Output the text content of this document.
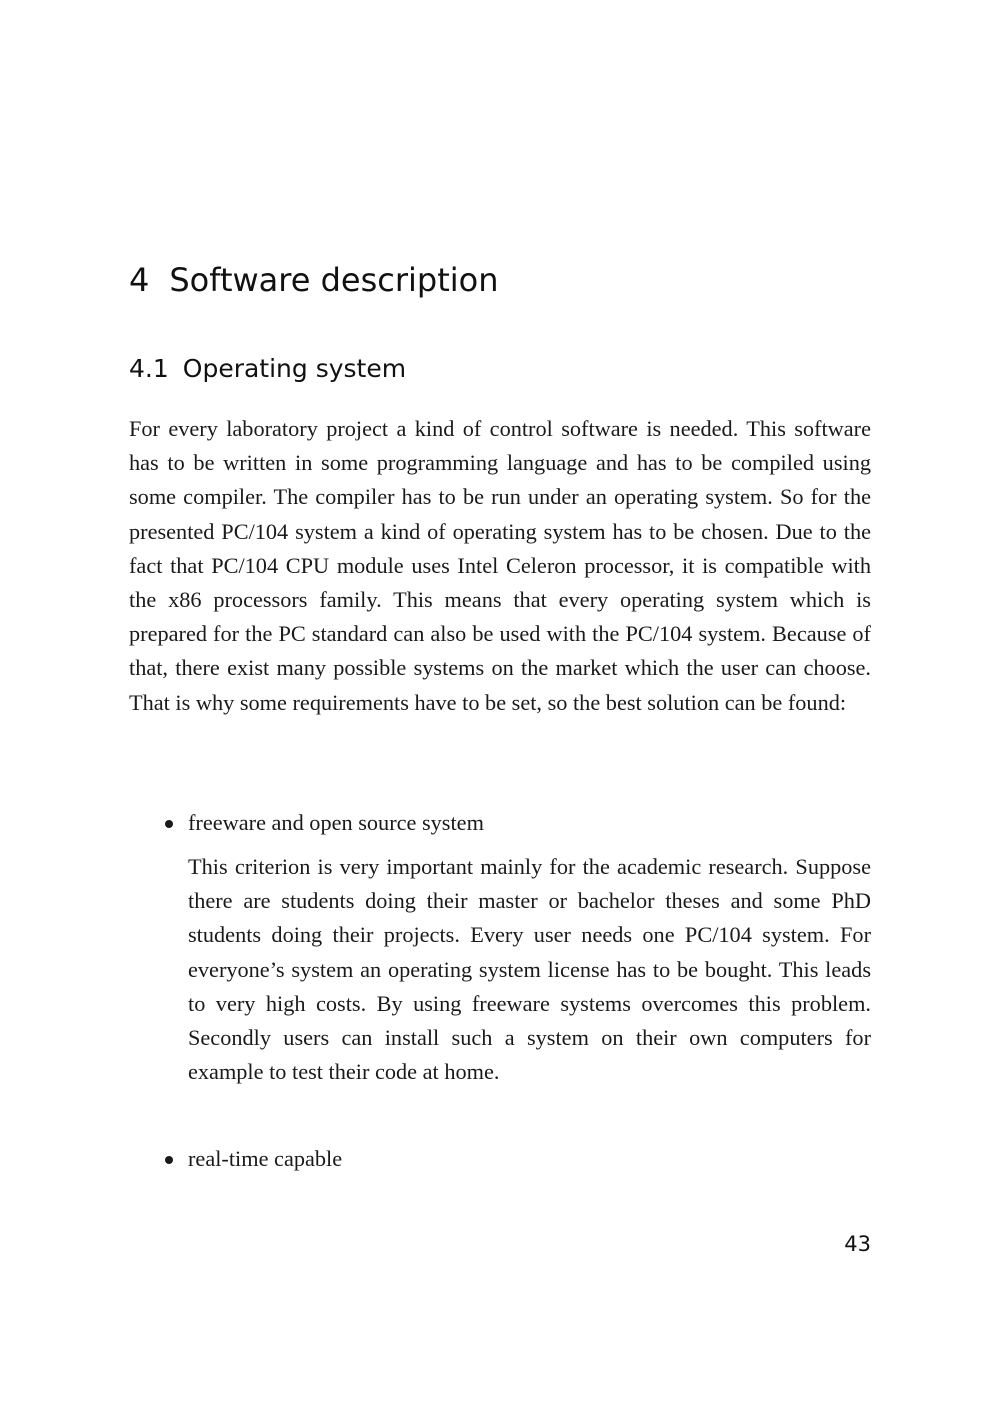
4 Software description
4.1 Operating system

For every laboratory project a kind of control software is needed. This software has to be written in some programming language and has to be compiled using some compiler. The compiler has to be run under an operating system. So for the presented PC/104 system a kind of operating system has to be chosen. Due to the fact that PC/104 CPU module uses Intel Celeron processor, it is compatible with the x86 processors family. This means that every operating system which is prepared for the PC standard can also be used with the PC/104 system. Because of that, there exist many possible systems on the market which the user can choose. That is why some requirements have to be set, so the best solution can be found:

freeware and open source system

This criterion is very important mainly for the academic research. Suppose there are students doing their master or bachelor theses and some PhD students doing their projects. Every user needs one PC/104 system. For everyone’s system an operating system license has to be bought. This leads to very high costs. By using freeware systems overcomes this problem. Secondly users can install such a system on their own computers for example to test their code at home.

real-time capable
43
